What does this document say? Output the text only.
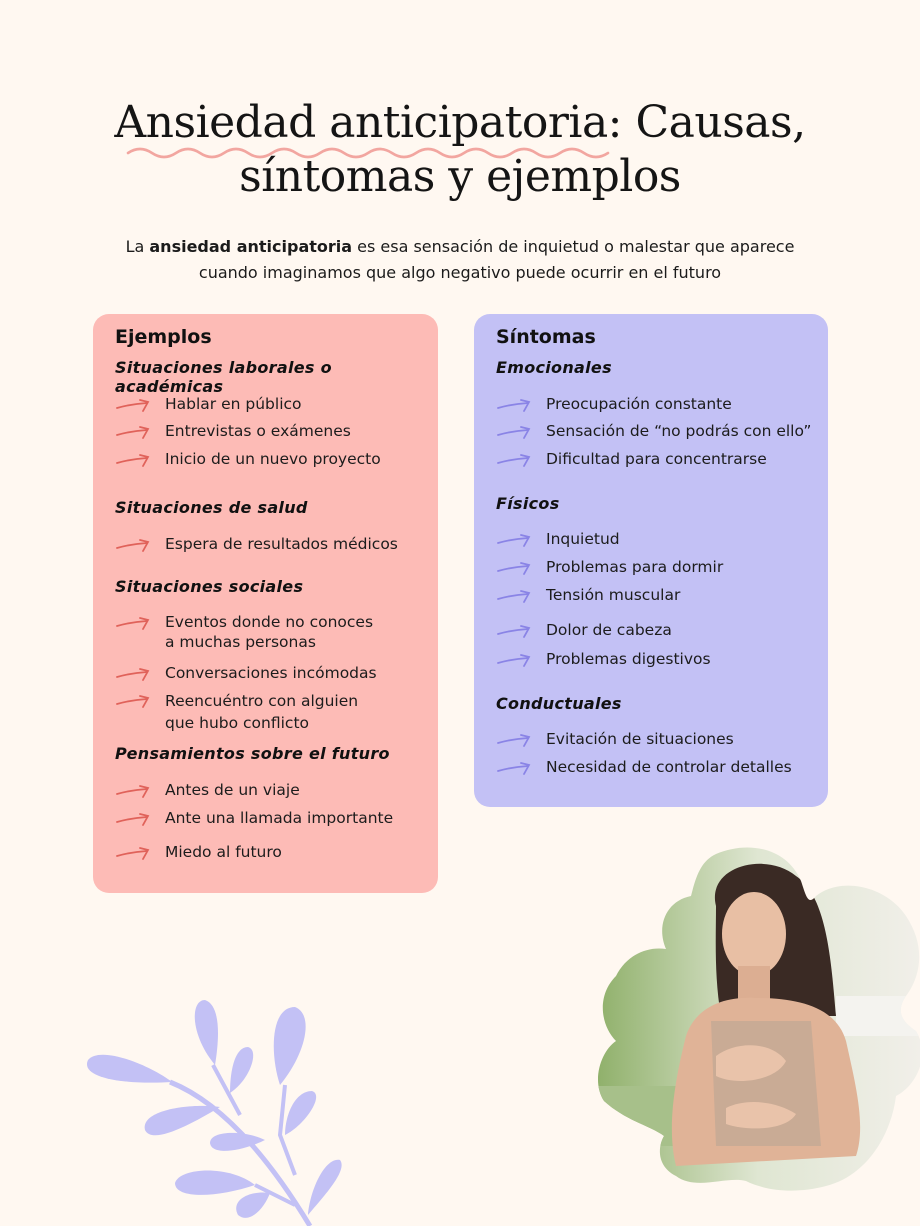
Ansiedad anticipatoria: Causas,
síntomas y ejemplos
La ansiedad anticipatoria es esa sensación de inquietud o malestar que aparece
cuando imaginamos que algo negativo puede ocurrir en el futuro
Ejemplos
Situaciones laborales o académicas
Hablar en público
Entrevistas o exámenes
Inicio de un nuevo proyecto
Situaciones de salud
Espera de resultados médicos
Situaciones sociales
Eventos donde no conoces
a muchas personas
Conversaciones incómodas
Reencuéntro con alguien
que hubo conflicto
Pensamientos sobre el futuro
Antes de un viaje
Ante una llamada importante
Miedo al futuro
Síntomas
Emocionales
Preocupación constante
Sensación de “no podrás con ello”
Dificultad para concentrarse
Físicos
Inquietud
Problemas para dormir
Tensión muscular
Dolor de cabeza
Problemas digestivos
Conductuales
Evitación de situaciones
Necesidad de controlar detalles
